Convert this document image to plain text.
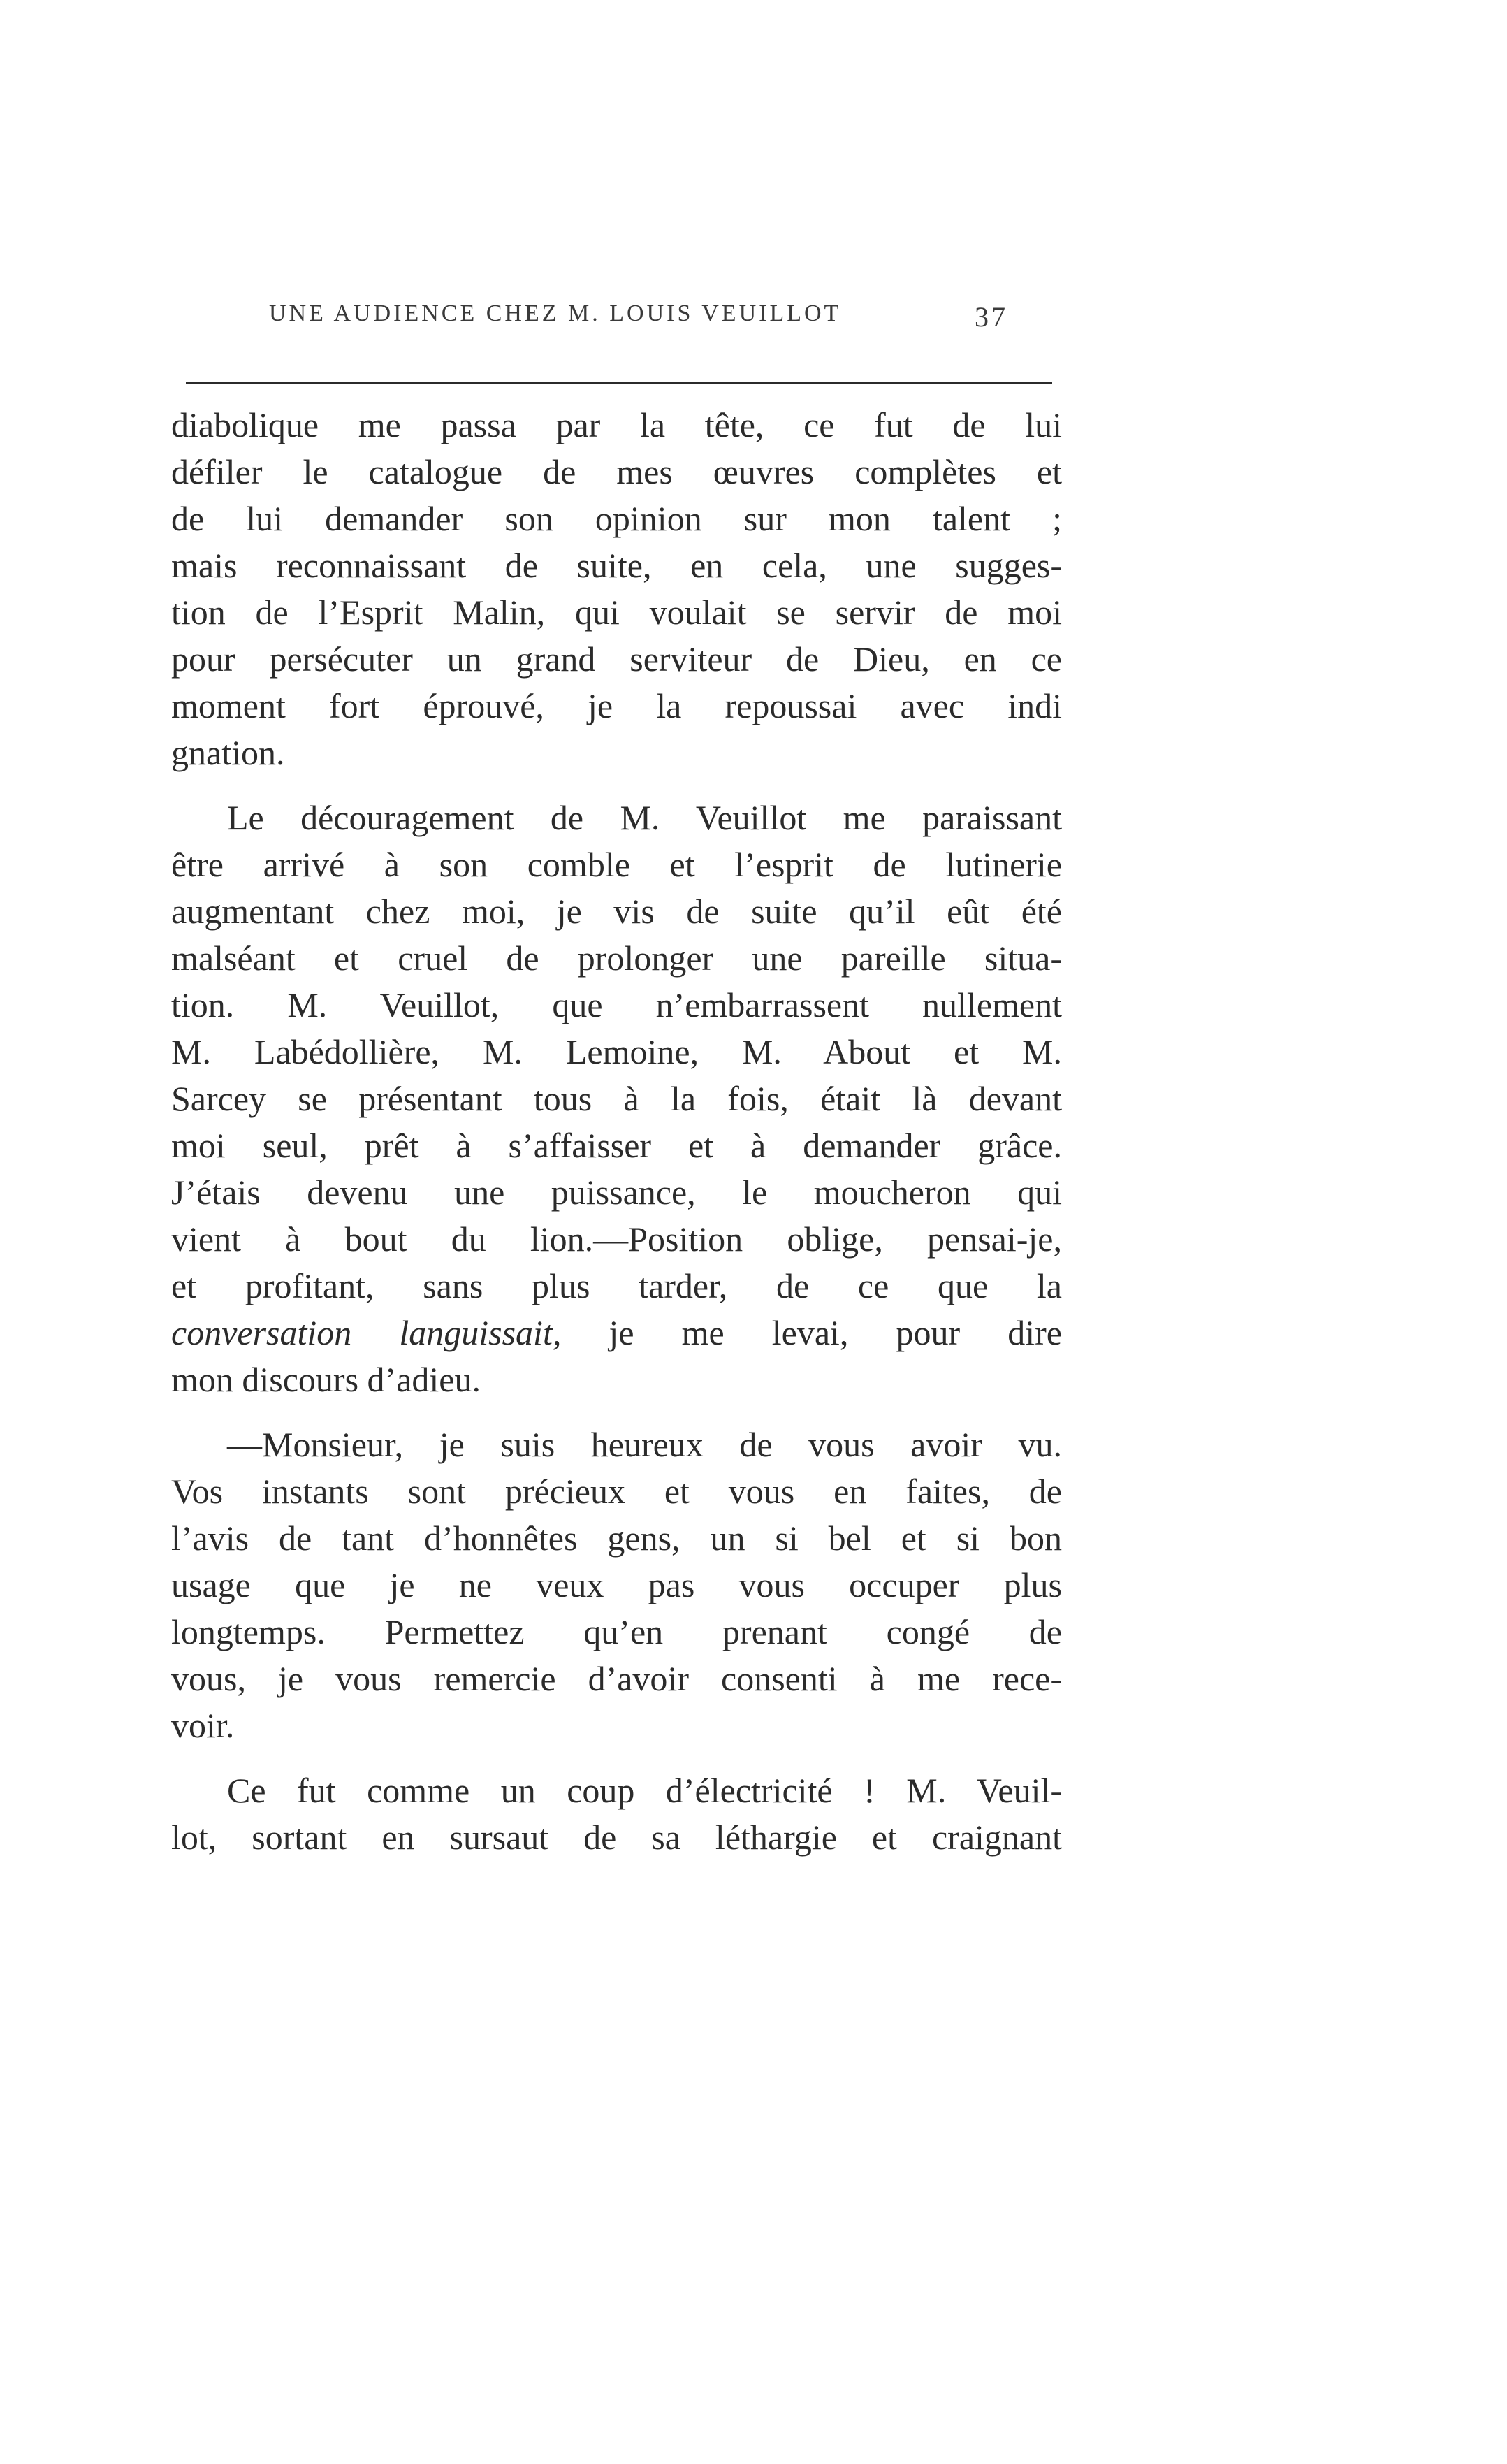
UNE AUDIENCE CHEZ M. LOUIS VEUILLOT	37
diabolique me passa par la tête, ce fut de lui
défiler le catalogue de mes œuvres complètes et
de lui demander son opinion sur mon talent ;
mais reconnaissant de suite, en cela, une sugges-
tion de l’Esprit Malin, qui voulait se servir de moi
pour persécuter un grand serviteur de Dieu, en ce
moment fort éprouvé, je la repoussai avec indi
gnation.
Le découragement de M. Veuillot me paraissant
être arrivé à son comble et l’esprit de lutinerie
augmentant chez moi, je vis de suite qu’il eût été
malséant et cruel de prolonger une pareille situa-
tion. M. Veuillot, que n’embarrassent nullement
M. Labédollière, M. Lemoine, M. About et M.
Sarcey se présentant tous à la fois, était là devant
moi seul, prêt à s’affaisser et à demander grâce.
J’étais devenu une puissance, le moucheron qui
vient à bout du lion.—Position oblige, pensai-je,
et profitant, sans plus tarder, de ce que la
conversation languissait, je me levai, pour dire
mon discours d’adieu.
—Monsieur, je suis heureux de vous avoir vu.
Vos instants sont précieux et vous en faites, de
l’avis de tant d’honnêtes gens, un si bel et si bon
usage que je ne veux pas vous occuper plus
longtemps. Permettez qu’en prenant congé de
vous, je vous remercie d’avoir consenti à me rece-
voir.
Ce fut comme un coup d’électricité ! M. Veuil-
lot, sortant en sursaut de sa léthargie et craignant
